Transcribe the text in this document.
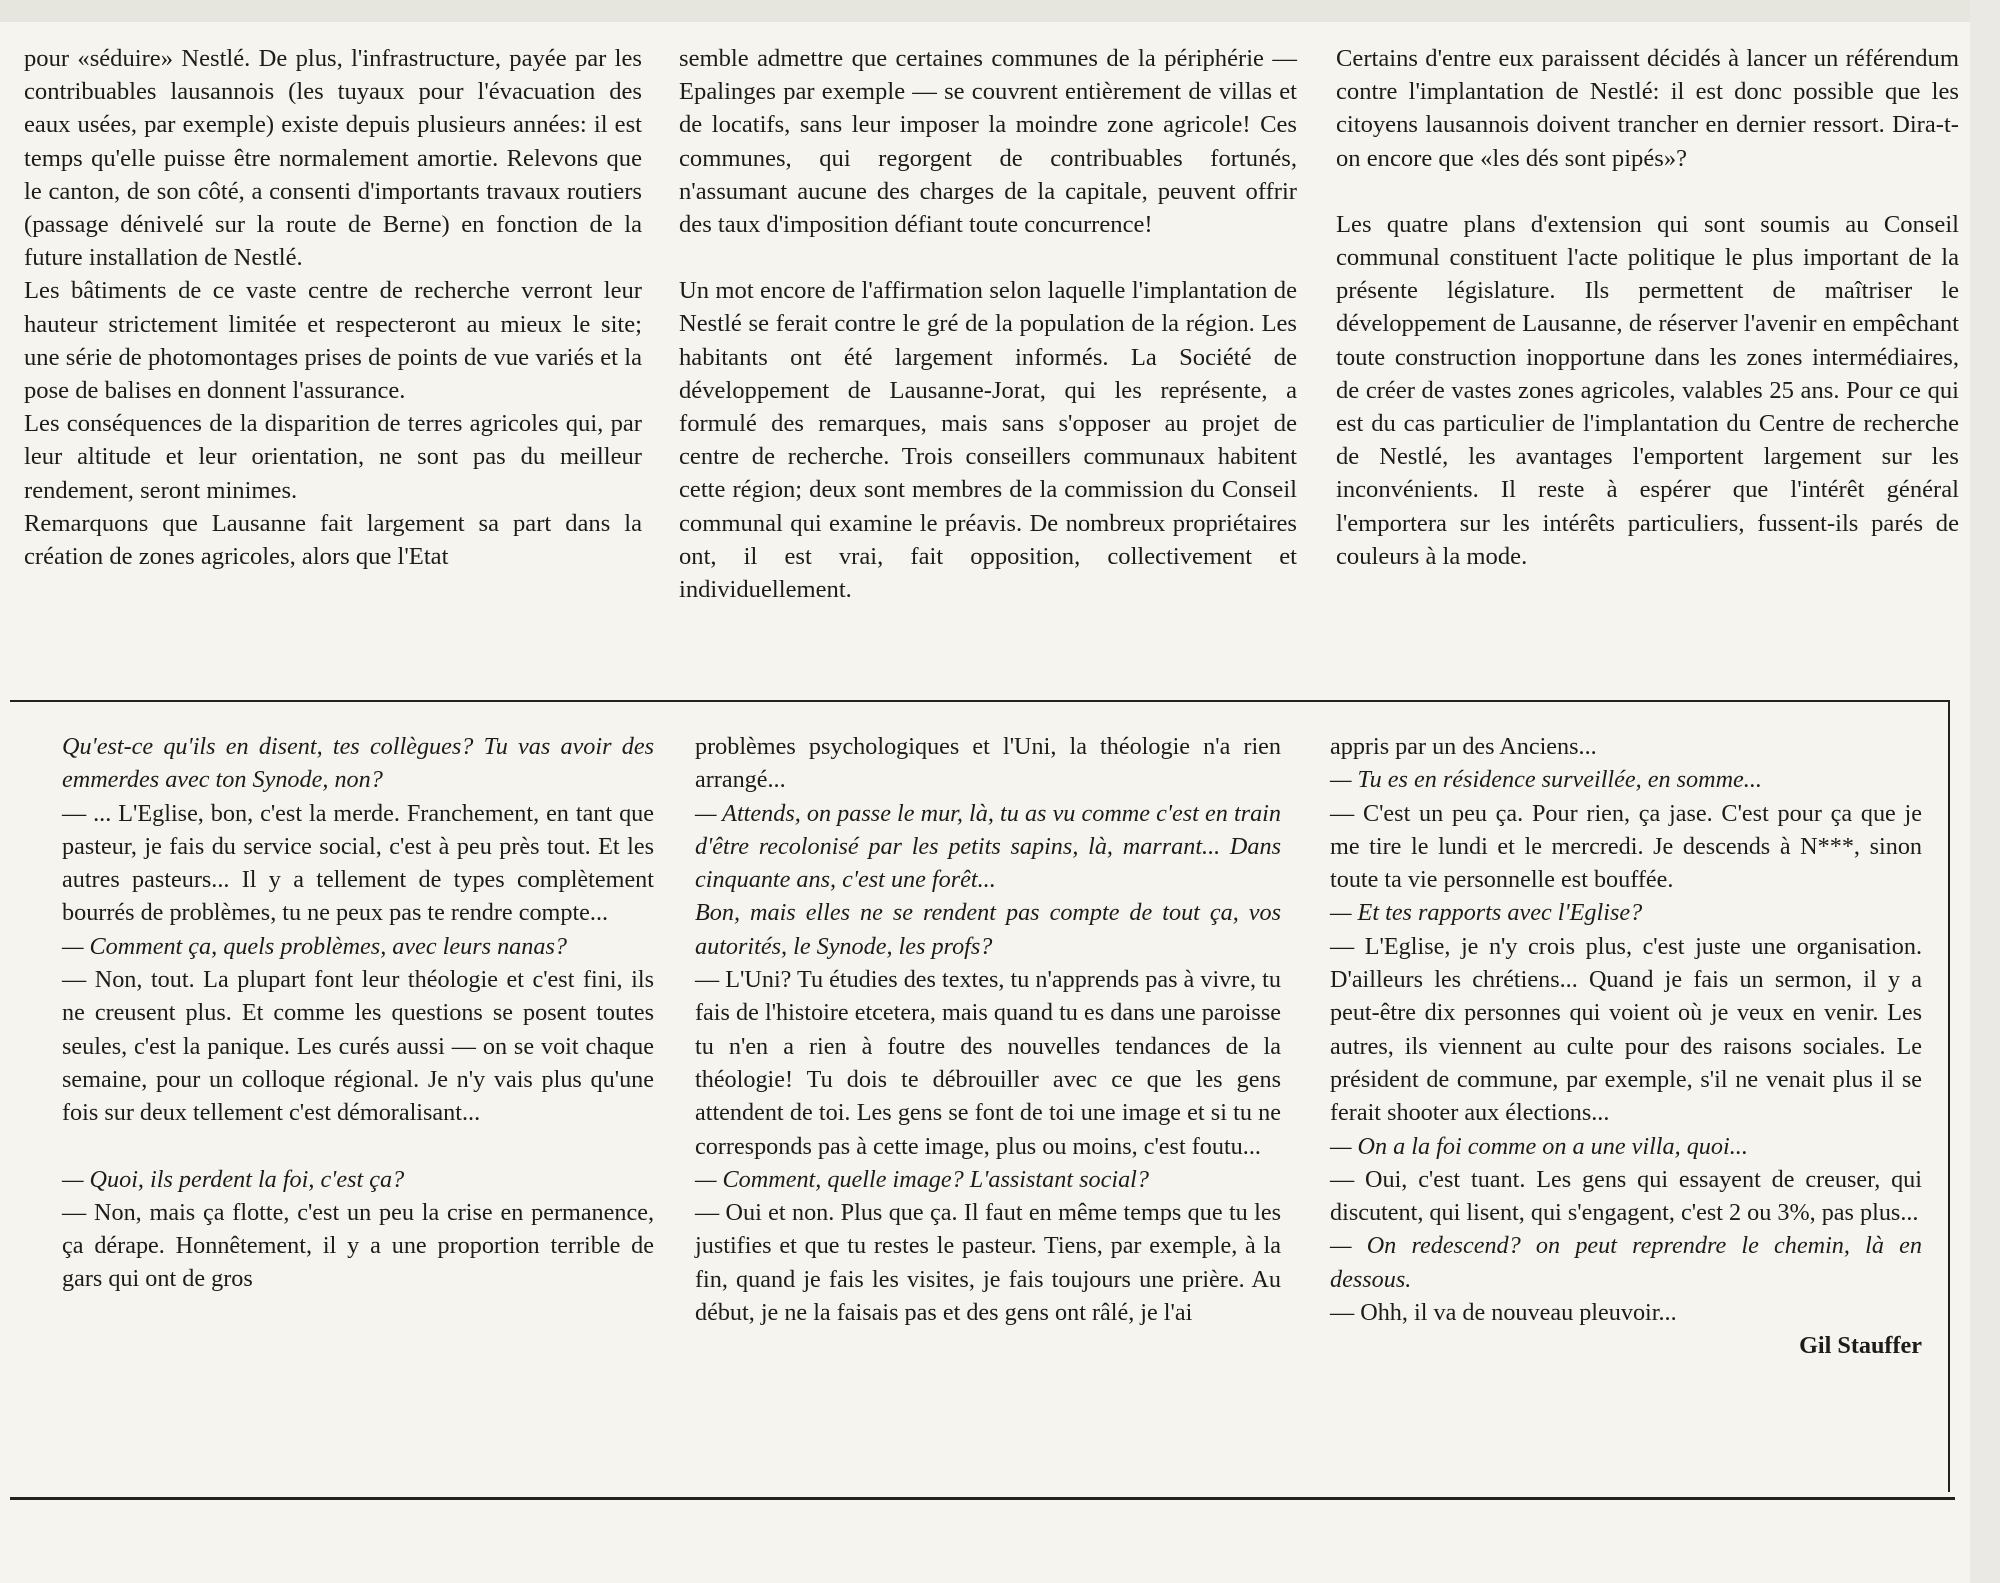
pour «séduire» Nestlé. De plus, l'infrastructure, payée par les contribuables lausannois (les tuyaux pour l'évacuation des eaux usées, par exemple) existe depuis plusieurs années: il est temps qu'elle puisse être normalement amortie. Relevons que le canton, de son côté, a consenti d'importants travaux routiers (passage dénivelé sur la route de Berne) en fonction de la future installation de Nestlé.

Les bâtiments de ce vaste centre de recherche verront leur hauteur strictement limitée et respecteront au mieux le site; une série de photomontages prises de points de vue variés et la pose de balises en donnent l'assurance.

Les conséquences de la disparition de terres agricoles qui, par leur altitude et leur orientation, ne sont pas du meilleur rendement, seront minimes.

Remarquons que Lausanne fait largement sa part dans la création de zones agricoles, alors que l'Etat

semble admettre que certaines communes de la périphérie — Epalinges par exemple — se couvrent entièrement de villas et de locatifs, sans leur imposer la moindre zone agricole! Ces communes, qui regorgent de contribuables fortunés, n'assumant aucune des charges de la capitale, peuvent offrir des taux d'imposition défiant toute concurrence!

Un mot encore de l'affirmation selon laquelle l'implantation de Nestlé se ferait contre le gré de la population de la région. Les habitants ont été largement informés. La Société de développement de Lausanne-Jorat, qui les représente, a formulé des remarques, mais sans s'opposer au projet de centre de recherche. Trois conseillers communaux habitent cette région; deux sont membres de la commission du Conseil communal qui examine le préavis. De nombreux propriétaires ont, il est vrai, fait opposition, collectivement et individuellement.

Certains d'entre eux paraissent décidés à lancer un référendum contre l'implantation de Nestlé: il est donc possible que les citoyens lausannois doivent trancher en dernier ressort. Dira-t-on encore que «les dés sont pipés»?

Les quatre plans d'extension qui sont soumis au Conseil communal constituent l'acte politique le plus important de la présente législature. Ils permettent de maîtriser le développement de Lausanne, de réserver l'avenir en empêchant toute construction inopportune dans les zones intermédiaires, de créer de vastes zones agricoles, valables 25 ans. Pour ce qui est du cas particulier de l'implantation du Centre de recherche de Nestlé, les avantages l'emportent largement sur les inconvénients. Il reste à espérer que l'intérêt général l'emportera sur les intérêts particuliers, fussent-ils parés de couleurs à la mode.

Qu'est-ce qu'ils en disent, tes collègues? Tu vas avoir des emmerdes avec ton Synode, non?

— ... L'Eglise, bon, c'est la merde. Franchement, en tant que pasteur, je fais du service social, c'est à peu près tout. Et les autres pasteurs... Il y a tellement de types complètement bourrés de problèmes, tu ne peux pas te rendre compte...

— Comment ça, quels problèmes, avec leurs nanas?

— Non, tout. La plupart font leur théologie et c'est fini, ils ne creusent plus. Et comme les questions se posent toutes seules, c'est la panique. Les curés aussi — on se voit chaque semaine, pour un colloque régional. Je n'y vais plus qu'une fois sur deux tellement c'est démoralisant...

— Quoi, ils perdent la foi, c'est ça?

— Non, mais ça flotte, c'est un peu la crise en permanence, ça dérape. Honnêtement, il y a une proportion terrible de gars qui ont de gros

problèmes psychologiques et l'Uni, la théologie n'a rien arrangé...

— Attends, on passe le mur, là, tu as vu comme c'est en train d'être recolonisé par les petits sapins, là, marrant... Dans cinquante ans, c'est une forêt...

Bon, mais elles ne se rendent pas compte de tout ça, vos autorités, le Synode, les profs?

— L'Uni? Tu étudies des textes, tu n'apprends pas à vivre, tu fais de l'histoire etcetera, mais quand tu es dans une paroisse tu n'en a rien à foutre des nouvelles tendances de la théologie! Tu dois te débrouiller avec ce que les gens attendent de toi. Les gens se font de toi une image et si tu ne corresponds pas à cette image, plus ou moins, c'est foutu...

— Comment, quelle image? L'assistant social?

— Oui et non. Plus que ça. Il faut en même temps que tu les justifies et que tu restes le pasteur. Tiens, par exemple, à la fin, quand je fais les visites, je fais toujours une prière. Au début, je ne la faisais pas et des gens ont râlé, je l'ai

appris par un des Anciens...

— Tu es en résidence surveillée, en somme...

— C'est un peu ça. Pour rien, ça jase. C'est pour ça que je me tire le lundi et le mercredi. Je descends à N***, sinon toute ta vie personnelle est bouffée.

— Et tes rapports avec l'Eglise?

— L'Eglise, je n'y crois plus, c'est juste une organisation. D'ailleurs les chrétiens... Quand je fais un sermon, il y a peut-être dix personnes qui voient où je veux en venir. Les autres, ils viennent au culte pour des raisons sociales. Le président de commune, par exemple, s'il ne venait plus il se ferait shooter aux élections...

— On a la foi comme on a une villa, quoi...

— Oui, c'est tuant. Les gens qui essayent de creuser, qui discutent, qui lisent, qui s'engagent, c'est 2 ou 3%, pas plus...

— On redescend? on peut reprendre le chemin, là en dessous.

— Ohh, il va de nouveau pleuvoir...

Gil Stauffer
